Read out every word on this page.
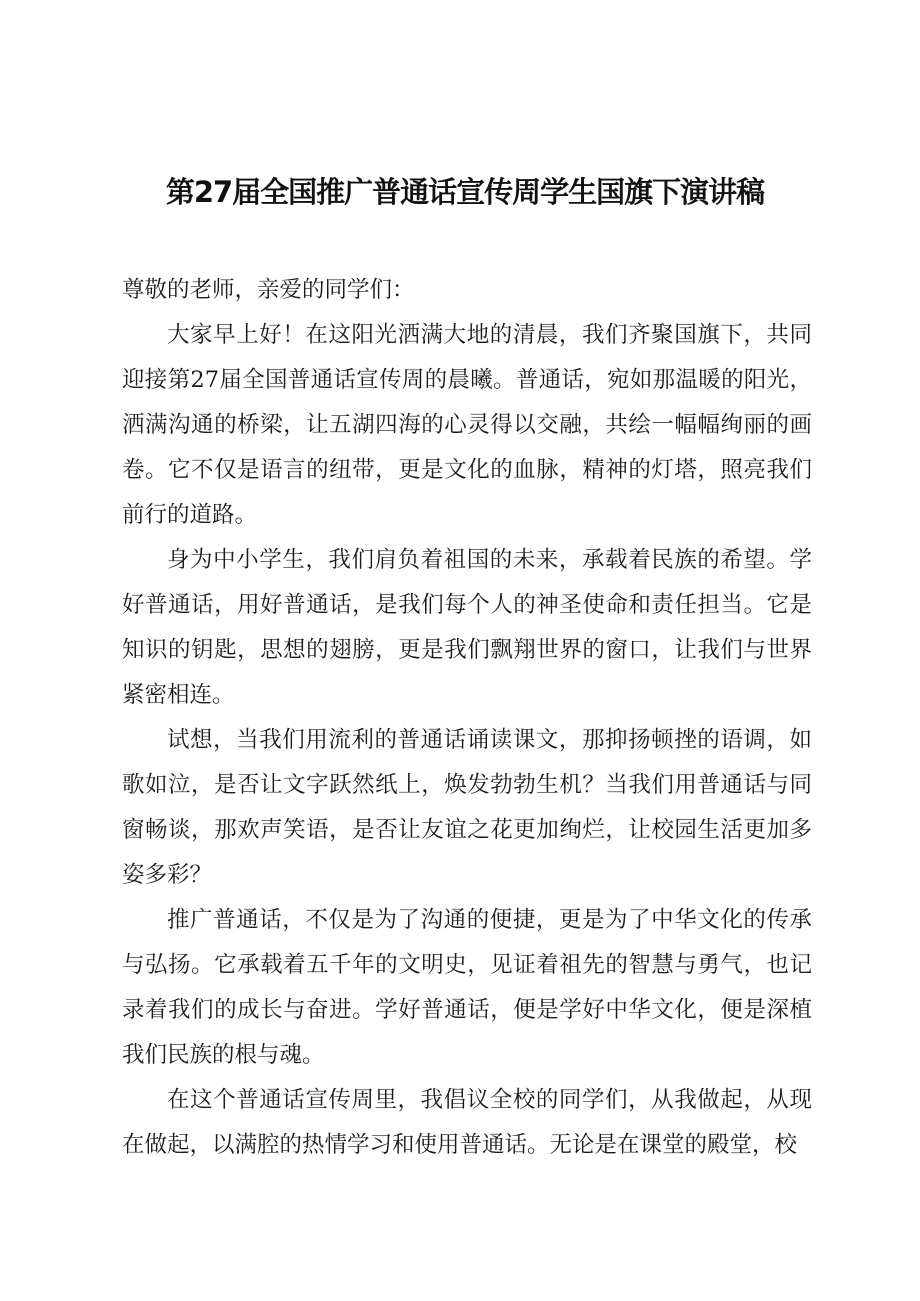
第27届全国推广普通话宣传周学生国旗下演讲稿

尊敬的老师，亲爱的同学们：

大家早上好！在这阳光洒满大地的清晨，我们齐聚国旗下，共同迎接第27届全国普通话宣传周的晨曦。普通话，宛如那温暖的阳光，洒满沟通的桥梁，让五湖四海的心灵得以交融，共绘一幅幅绚丽的画卷。它不仅是语言的纽带，更是文化的血脉，精神的灯塔，照亮我们前行的道路。

身为中小学生，我们肩负着祖国的未来，承载着民族的希望。学好普通话，用好普通话，是我们每个人的神圣使命和责任担当。它是知识的钥匙，思想的翅膀，更是我们飘翔世界的窗口，让我们与世界紧密相连。

试想，当我们用流利的普通话诵读课文，那抑扬顿挫的语调，如歌如泣，是否让文字跃然纸上，焕发勃勃生机？当我们用普通话与同窗畅谈，那欢声笑语，是否让友谊之花更加绚烂，让校园生活更加多姿多彩？

推广普通话，不仅是为了沟通的便捷，更是为了中华文化的传承与弘扬。它承载着五千年的文明史，见证着祖先的智慧与勇气，也记录着我们的成长与奋进。学好普通话，便是学好中华文化，便是深植我们民族的根与魂。

在这个普通话宣传周里，我倡议全校的同学们，从我做起，从现在做起，以满腔的热情学习和使用普通话。无论是在课堂的殿堂，校
